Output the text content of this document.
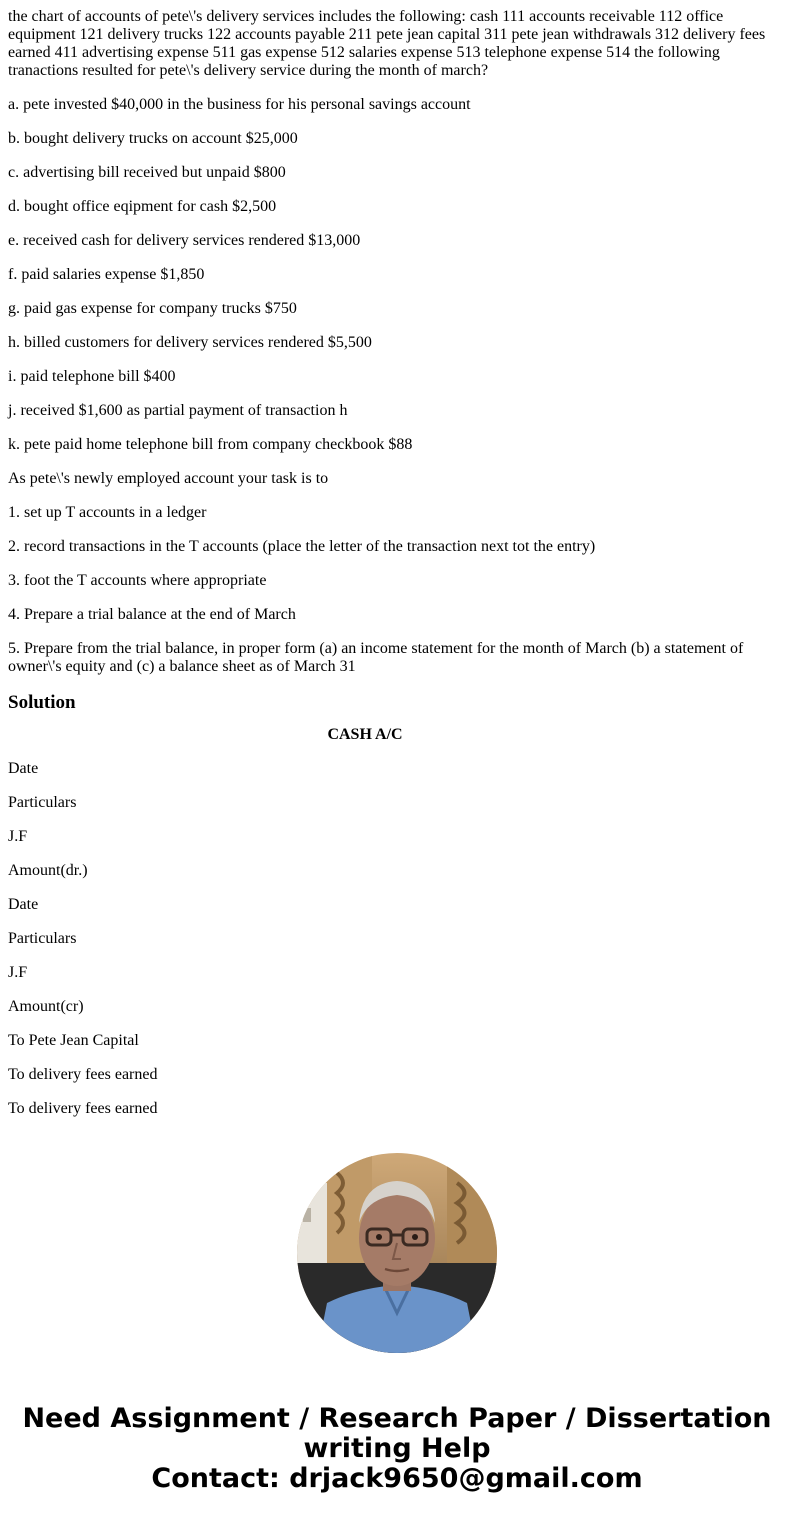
the chart of accounts of pete\'s delivery services includes the following: cash 111 accounts receivable 112 office equipment 121 delivery trucks 122 accounts payable 211 pete jean capital 311 pete jean withdrawals 312 delivery fees earned 411 advertising expense 511 gas expense 512 salaries expense 513 telephone expense 514 the following tranactions resulted for pete\'s delivery service during the month of march?
a. pete invested $40,000 in the business for his personal savings account
b. bought delivery trucks on account $25,000
c. advertising bill received but unpaid $800
d. bought office eqipment for cash $2,500
e. received cash for delivery services rendered $13,000
f. paid salaries expense $1,850
g. paid gas expense for company trucks $750
h. billed customers for delivery services rendered $5,500
i. paid telephone bill $400
j. received $1,600 as partial payment of transaction h
k. pete paid home telephone bill from company checkbook $88
As pete\'s newly employed account your task is to
1. set up T accounts in a ledger
2. record transactions in the T accounts (place the letter of the transaction next tot the entry)
3. foot the T accounts where appropriate
4. Prepare a trial balance at the end of March
5. Prepare from the trial balance, in proper form (a) an income statement for the month of March (b) a statement of owner\'s equity and (c) a balance sheet as of March 31
Solution
CASH A/C
Date
Particulars
J.F
Amount(dr.)
Date
Particulars
J.F
Amount(cr)
To Pete Jean Capital
To delivery fees earned
To delivery fees earned
Need Assignment / Research Paper / Dissertation
writing Help
Contact: drjack9650@gmail.com
